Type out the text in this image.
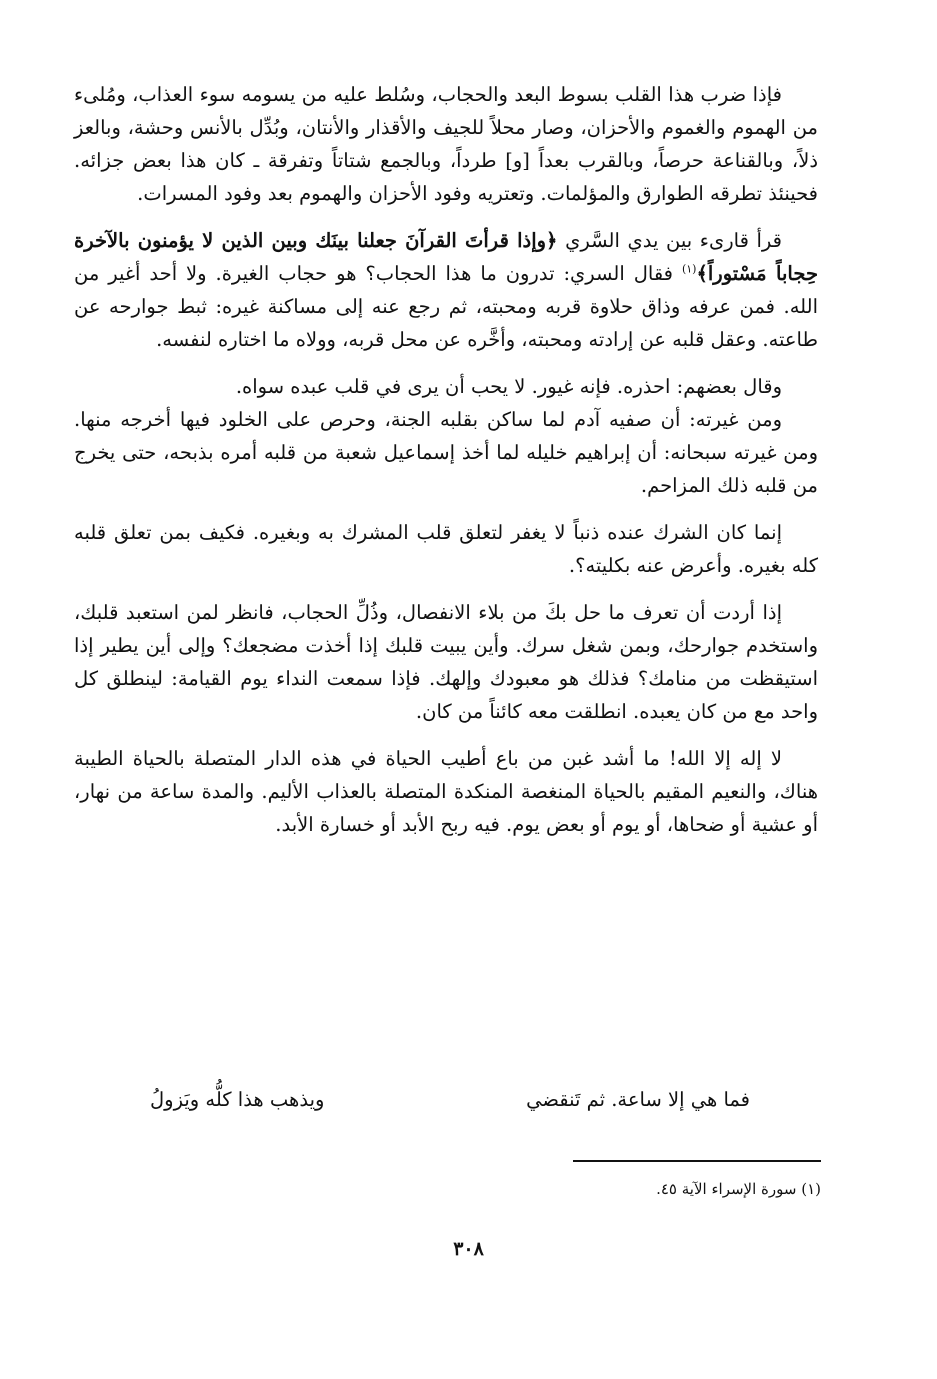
فإذا ضرب هذا القلب بسوط البعد والحجاب، وسُلط عليه من يسومه سوء العذاب، ومُلىء من الهموم والغموم والأحزان، وصار محلاً للجيف والأقذار والأنتان، وبُدِّل بالأنس وحشة، وبالعز ذلاً، وبالقناعة حرصاً، وبالقرب بعداً [و] طرداً، وبالجمع شتاتاً وتفرقة ـ كان هذا بعض جزائه. فحينئذ تطرقه الطوارق والمؤلمات. وتعتريه وفود الأحزان والهموم بعد وفود المسرات.

قرأ قارىء بين يدي السَّري ﴿وإذا قرأتَ القرآنَ جعلنا بينَك وبين الذين لا يؤمنون بالآخرة حِجاباً مَسْتوراً﴾$^{(١)}$ فقال السري: تدرون ما هذا الحجاب؟ هو حجاب الغيرة. ولا أحد أغير من الله. فمن عرفه وذاق حلاوة قربه ومحبته، ثم رجع عنه إلى مساكنة غيره: ثبط جوارحه عن طاعته. وعقل قلبه عن إرادته ومحبته، وأخَّره عن محل قربه، وولاه ما اختاره لنفسه.

وقال بعضهم: احذره. فإنه غيور. لا يحب أن يرى في قلب عبده سواه.

ومن غيرته: أن صفيه آدم لما ساكن بقلبه الجنة، وحرص على الخلود فيها أخرجه منها. ومن غيرته سبحانه: أن إبراهيم خليله لما أخذ إسماعيل شعبة من قلبه أمره بذبحه، حتى يخرج من قلبه ذلك المزاحم.

إنما كان الشرك عنده ذنباً لا يغفر لتعلق قلب المشرك به وبغيره. فكيف بمن تعلق قلبه كله بغيره. وأعرض عنه بكليته؟.

إذا أردت أن تعرف ما حل بكَ من بلاء الانفصال، وذُلِّ الحجاب، فانظر لمن استعبد قلبك، واستخدم جوارحك، وبمن شغل سرك. وأين يبيت قلبك إذا أخذت مضجعك؟ وإلى أين يطير إذا استيقظت من منامك؟ فذلك هو معبودك وإلهك. فإذا سمعت النداء يوم القيامة: لينطلق كل واحد مع من كان يعبده. انطلقت معه كائناً من كان.

لا إله إلا الله! ما أشد غبن من باع أطيب الحياة في هذه الدار المتصلة بالحياة الطيبة هناك، والنعيم المقيم بالحياة المنغصة المنكدة المتصلة بالعذاب الأليم. والمدة ساعة من نهار، أو عشية أو ضحاها، أو يوم أو بعض يوم. فيه ربح الأبد أو خسارة الأبد.

فما هي إلا ساعة. ثم تَنقضي
ويذهب هذا كلُّه ويَزولُ
(١) سورة الإسراء الآية ٤٥.
٣٠٨
